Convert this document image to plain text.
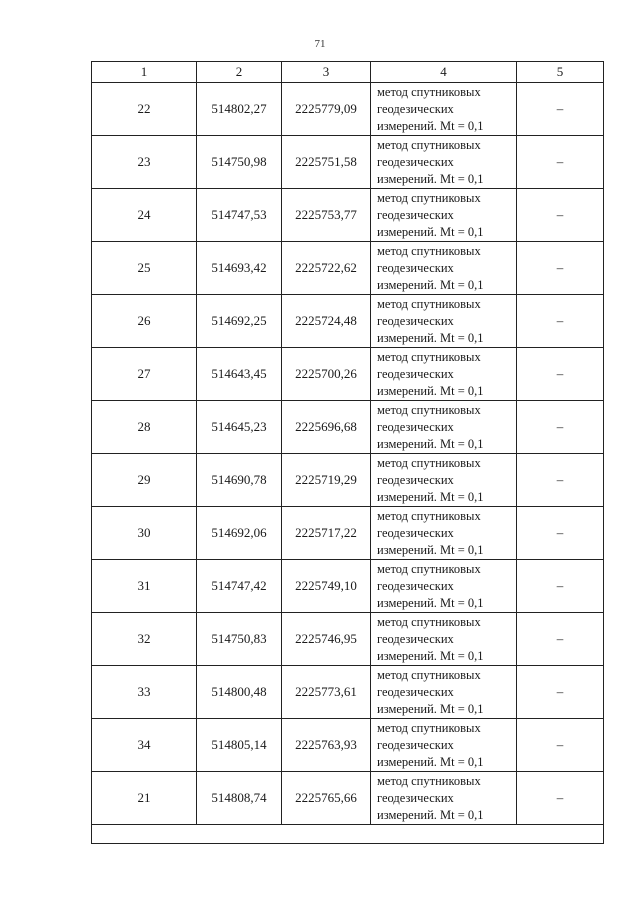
71
1	2	3	4	5
22	514802,27	2225779,09	метод спутниковых
геодезических
измерений. Mt = 0,1	–
23	514750,98	2225751,58	метод спутниковых
геодезических
измерений. Mt = 0,1	–
24	514747,53	2225753,77	метод спутниковых
геодезических
измерений. Mt = 0,1	–
25	514693,42	2225722,62	метод спутниковых
геодезических
измерений. Mt = 0,1	–
26	514692,25	2225724,48	метод спутниковых
геодезических
измерений. Mt = 0,1	–
27	514643,45	2225700,26	метод спутниковых
геодезических
измерений. Mt = 0,1	–
28	514645,23	2225696,68	метод спутниковых
геодезических
измерений. Mt = 0,1	–
29	514690,78	2225719,29	метод спутниковых
геодезических
измерений. Mt = 0,1	–
30	514692,06	2225717,22	метод спутниковых
геодезических
измерений. Mt = 0,1	–
31	514747,42	2225749,10	метод спутниковых
геодезических
измерений. Mt = 0,1	–
32	514750,83	2225746,95	метод спутниковых
геодезических
измерений. Mt = 0,1	–
33	514800,48	2225773,61	метод спутниковых
геодезических
измерений. Mt = 0,1	–
34	514805,14	2225763,93	метод спутниковых
геодезических
измерений. Mt = 0,1	–
21	514808,74	2225765,66	метод спутниковых
геодезических
измерений. Mt = 0,1	–
